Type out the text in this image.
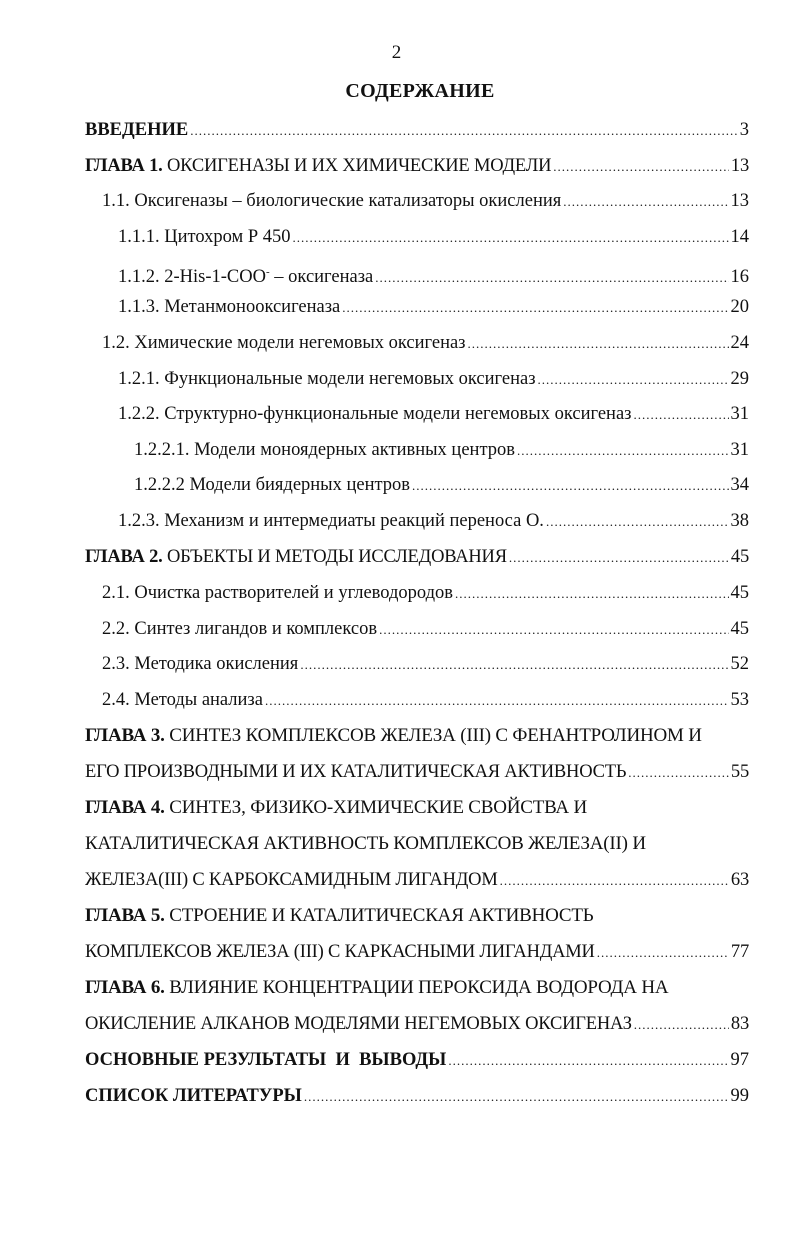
2
СОДЕРЖАНИЕ
ВВЕДЕНИЕ .....	3
ГЛАВА 1. ОКСИГЕНАЗЫ И ИХ ХИМИЧЕСКИЕ МОДЕЛИ .....	13
1.1. Оксигеназы – биологические катализаторы окисления .....	13
1.1.1. Цитохром Р 450 .....	14
1.1.2. 2-His-1-COO- – оксигеназа .....	16
1.1.3. Метанмонооксигеназа .....	20
1.2. Химические модели негемовых оксигеназ .....	24
1.2.1. Функциональные модели негемовых оксигеназ .....	29
1.2.2. Структурно-функциональные модели негемовых оксигеназ .....	31
1.2.2.1. Модели моноядерных активных центров .....	31
1.2.2.2 Модели биядерных центров .....	34
1.2.3. Механизм и интермедиаты реакций переноса О. .....	38
ГЛАВА 2. ОБЪЕКТЫ И МЕТОДЫ ИССЛЕДОВАНИЯ .....	45
2.1. Очистка растворителей и углеводородов .....	45
2.2. Синтез лигандов и комплексов .....	45
2.3. Методика окисления .....	52
2.4. Методы анализа .....	53
ГЛАВА 3. СИНТЕЗ КОМПЛЕКСОВ ЖЕЛЕЗА (III) С ФЕНАНТРОЛИНОМ И
ЕГО ПРОИЗВОДНЫМИ И ИХ КАТАЛИТИЧЕСКАЯ АКТИВНОСТЬ .....	55
ГЛАВА 4. СИНТЕЗ, ФИЗИКО-ХИМИЧЕСКИЕ СВОЙСТВА И
КАТАЛИТИЧЕСКАЯ АКТИВНОСТЬ КОМПЛЕКСОВ ЖЕЛЕЗА(II) И
ЖЕЛЕЗА(III) С КАРБОКСАМИДНЫМ ЛИГАНДОМ .....	63
ГЛАВА 5. СТРОЕНИЕ И КАТАЛИТИЧЕСКАЯ АКТИВНОСТЬ
КОМПЛЕКСОВ ЖЕЛЕЗА (III) С КАРКАСНЫМИ ЛИГАНДАМИ .....	77
ГЛАВА 6. ВЛИЯНИЕ КОНЦЕНТРАЦИИ ПЕРОКСИДА ВОДОРОДА НА
ОКИСЛЕНИЕ АЛКАНОВ МОДЕЛЯМИ НЕГЕМОВЫХ ОКСИГЕНАЗ .....	83
ОСНОВНЫЕ РЕЗУЛЬТАТЫ  И  ВЫВОДЫ .....	97
СПИСОК ЛИТЕРАТУРЫ .....	99
